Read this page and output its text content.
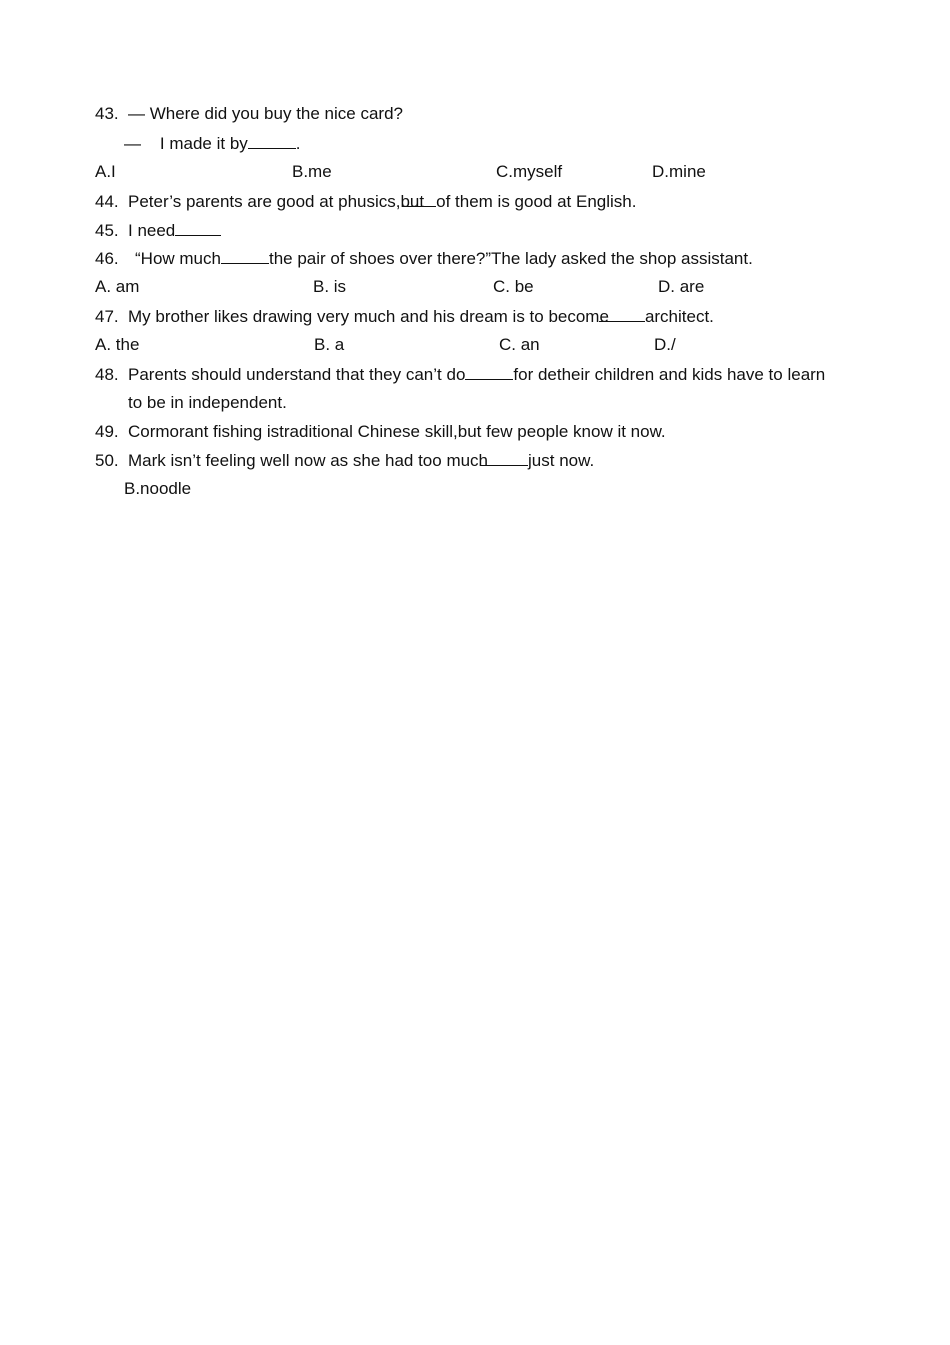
43. — Where did you buy the nice card?
— I made it by	.
A.I	B.me	C.myself	D.mine
44. Peter’s parents are good at phusics,but of them is good at English.
45. I need
46. “How much	the pair of shoes over there?”The lady asked the shop assistant.
A. am	B. is	C. be	D. are
47. My brother likes drawing very much and his dream is to become architect.
A. the	B. a	C. an	D./
48. Parents should understand that they can’t do	for detheir children and kids have to learn
to be in independent.
49. Cormorant fishing istraditional Chinese skill,but few people know it now.
50. Mark isn’t feeling well now as she had too much just now.
B.noodle
